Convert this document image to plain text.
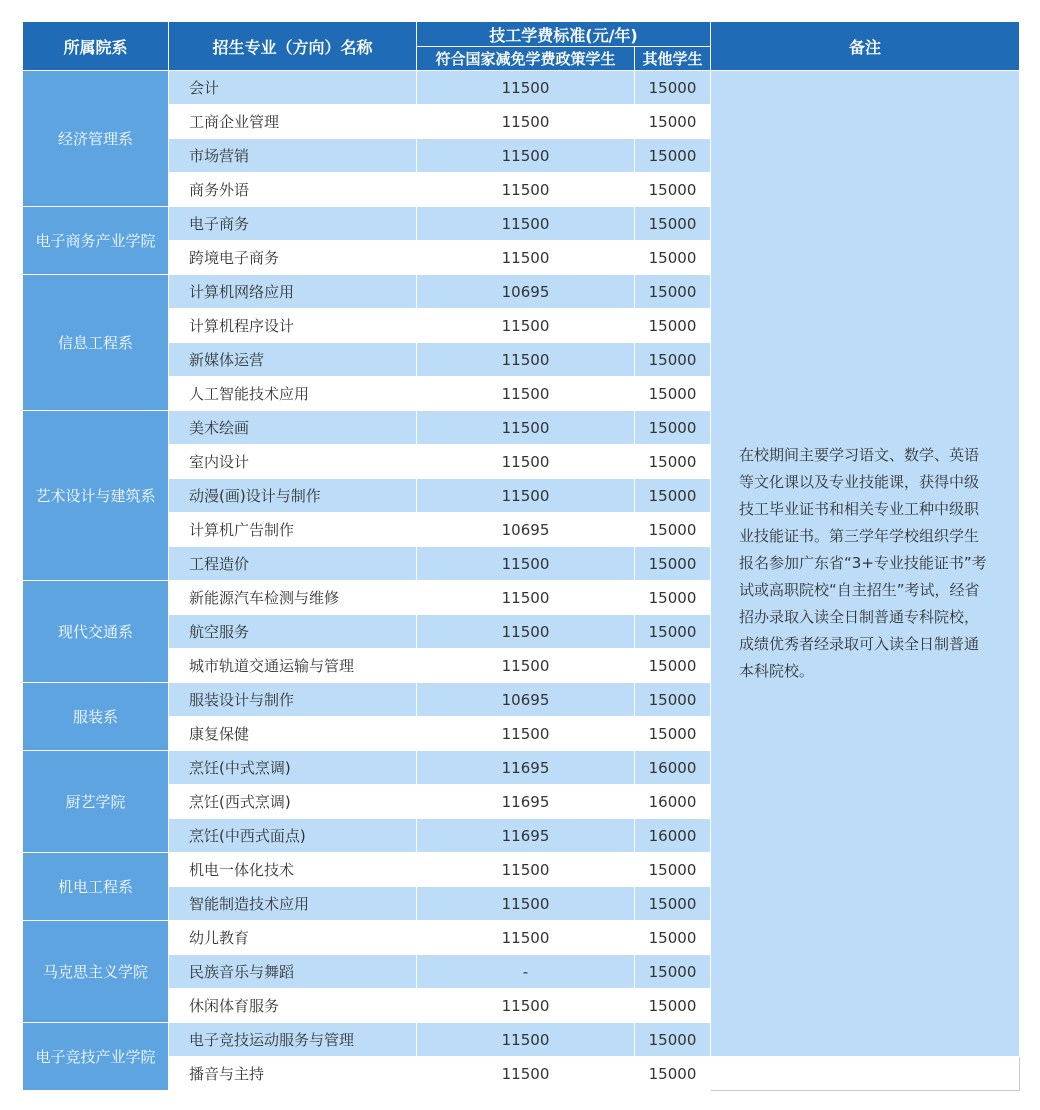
所属院系	招生专业（方向）名称	技工学费标准(元/年)		备注
		符合国家减免学费政策学生	其他学生	
经济管理系	会计	11500	15000	在校期间主要学习语文、数学、英语等文化课以及专业技能课，获得中级技工毕业证书和相关专业工种中级职业技能证书。第三学年学校组织学生报名参加广东省“3+专业技能证书”考试或高职院校“自主招生”考试，经省招办录取入读全日制普通专科院校，成绩优秀者经录取可入读全日制普通本科院校。
	工商企业管理	11500	15000	
	市场营销	11500	15000	
	商务外语	11500	15000	
电子商务产业学院	电子商务	11500	15000	
	跨境电子商务	11500	15000	
信息工程系	计算机网络应用	10695	15000	
	计算机程序设计	11500	15000	
	新媒体运营	11500	15000	
	人工智能技术应用	11500	15000	
艺术设计与建筑系	美术绘画	11500	15000	
	室内设计	11500	15000	
	动漫(画)设计与制作	11500	15000	
	计算机广告制作	10695	15000	
	工程造价	11500	15000	
现代交通系	新能源汽车检测与维修	11500	15000	
	航空服务	11500	15000	
	城市轨道交通运输与管理	11500	15000	
服装系	服装设计与制作	10695	15000	
	康复保健	11500	15000	
厨艺学院	烹饪(中式烹调)	11695	16000	
	烹饪(西式烹调)	11695	16000	
	烹饪(中西式面点)	11695	16000	
机电工程系	机电一体化技术	11500	15000	
	智能制造技术应用	11500	15000	
马克思主义学院	幼儿教育	11500	15000	
	民族音乐与舞蹈	-	15000	
	休闲体育服务	11500	15000	
电子竞技产业学院	电子竞技运动服务与管理	11500	15000	
	播音与主持	11500	15000	
